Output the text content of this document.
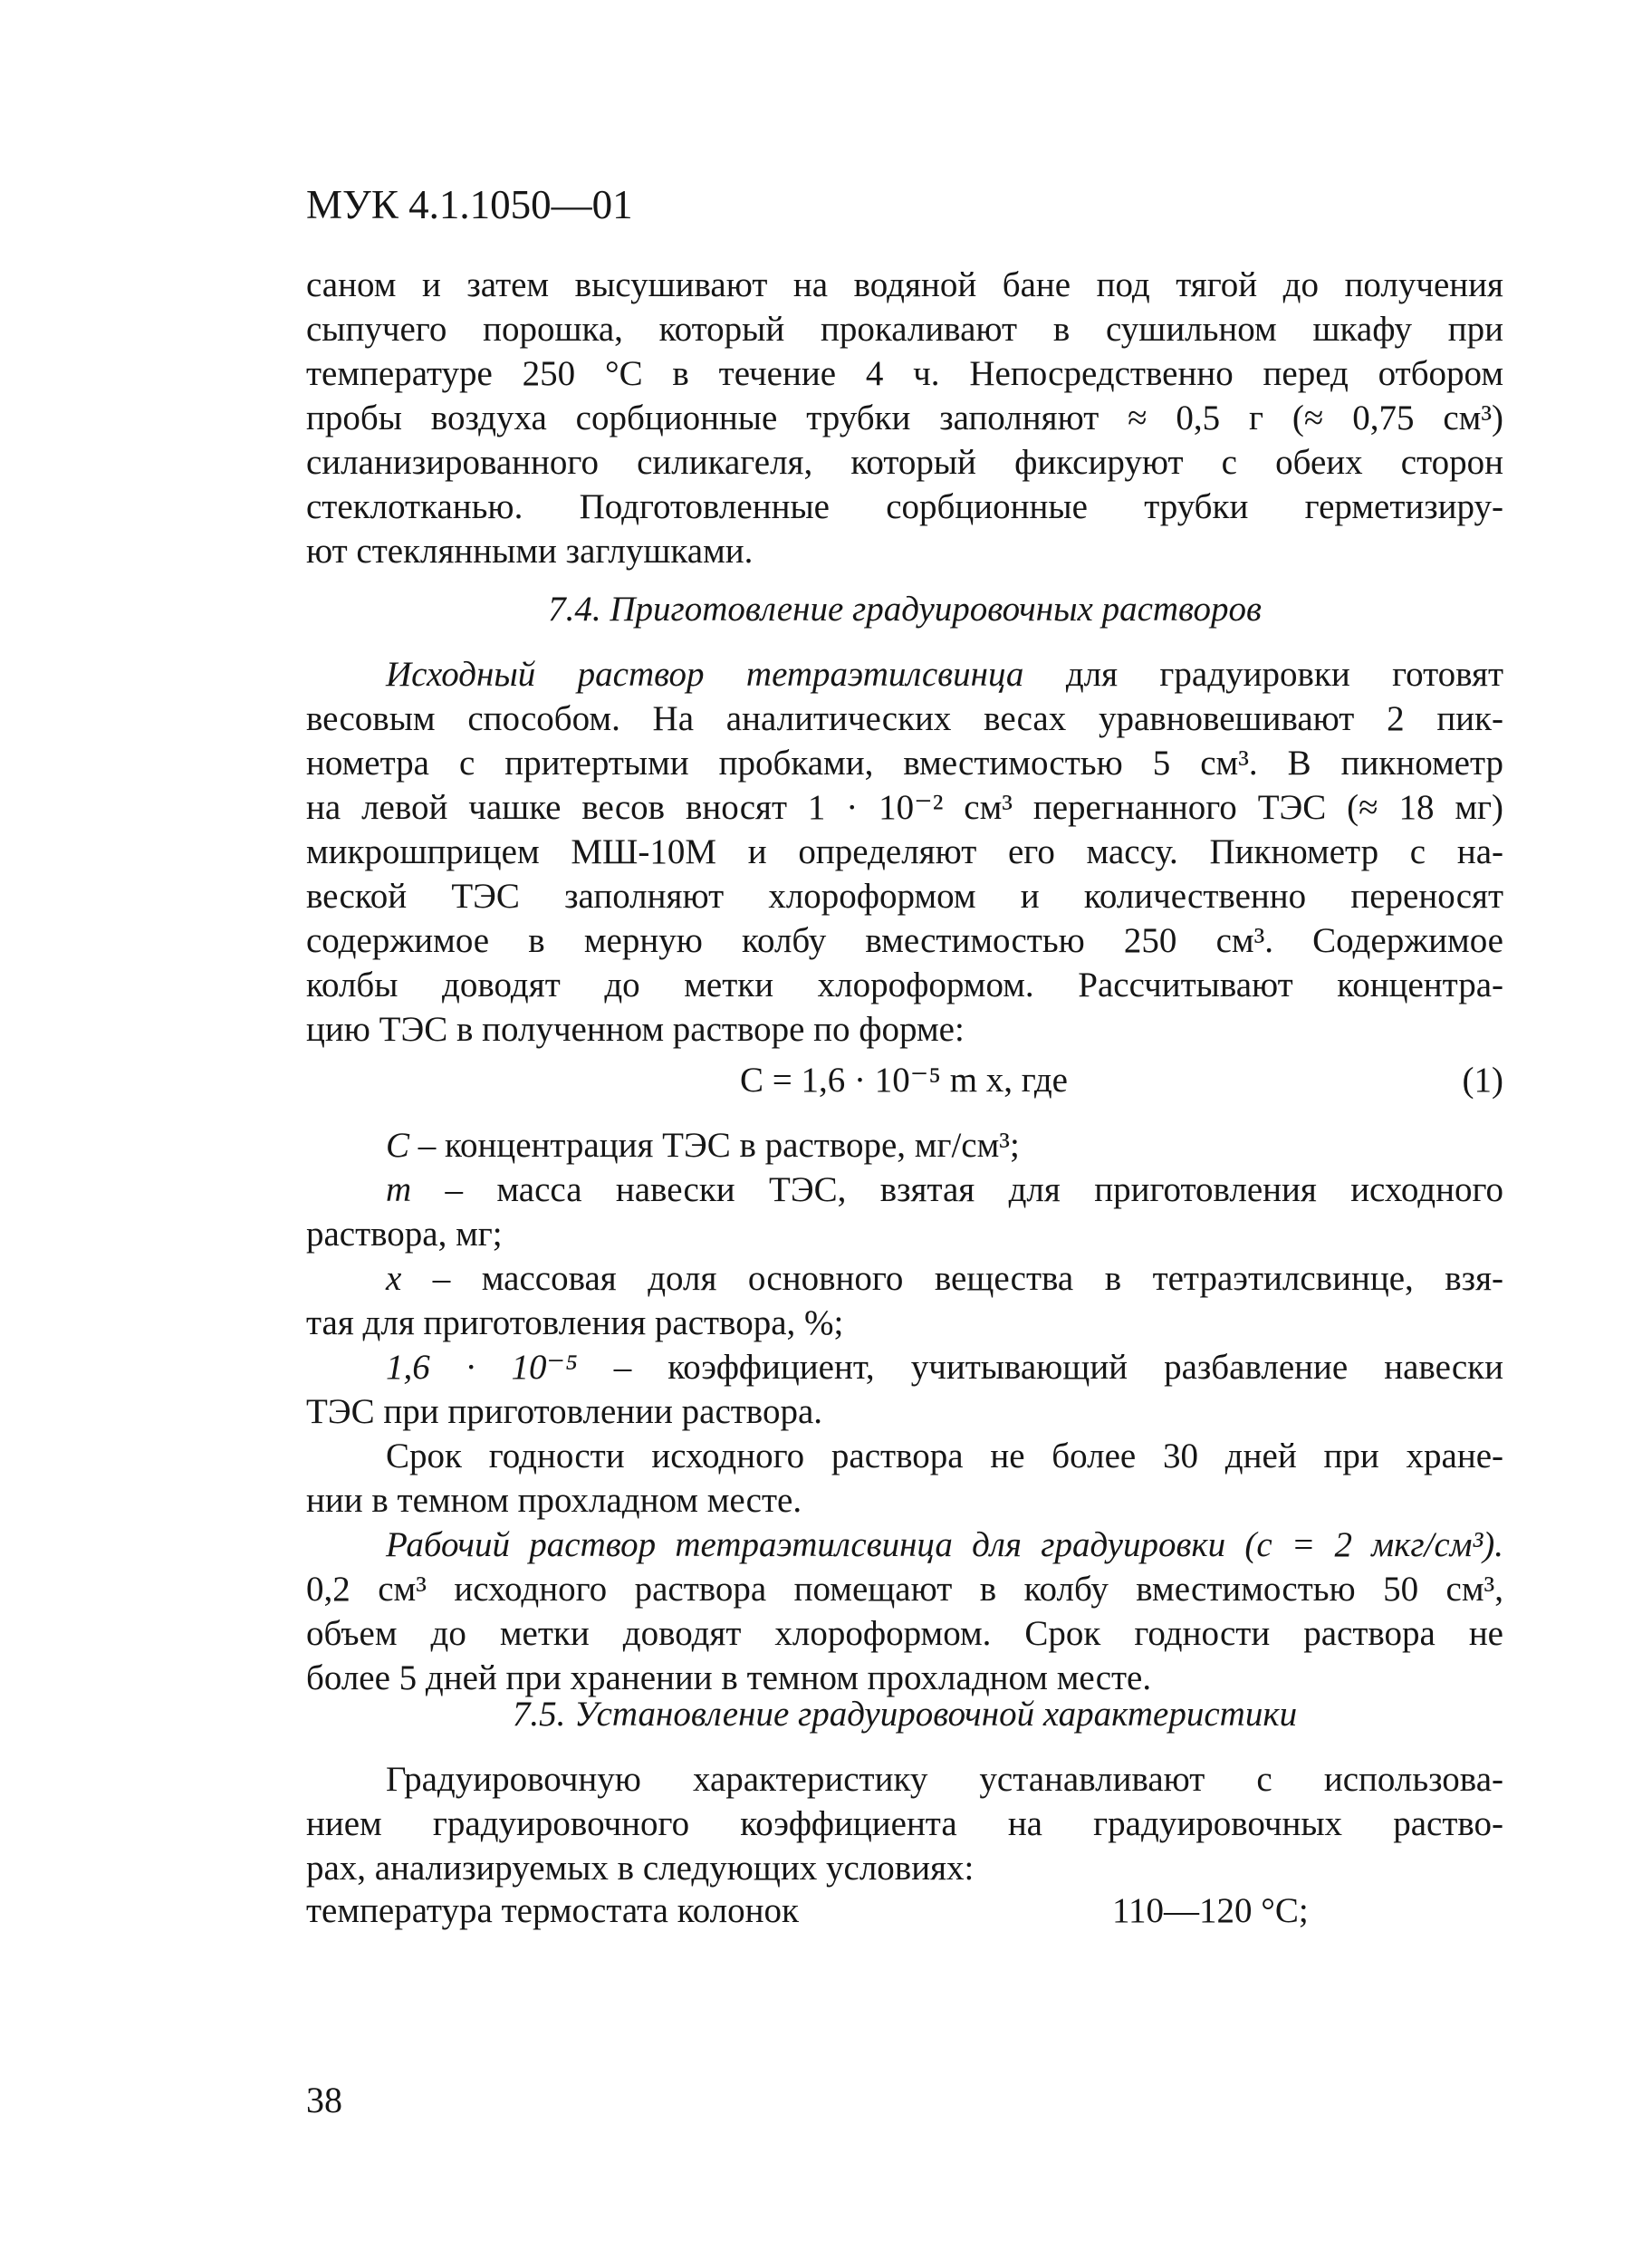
МУК 4.1.1050—01
саном и затем высушивают на водяной бане под тягой до получения
сыпучего порошка, который прокаливают в сушильном шкафу при
температуре 250 °С в течение 4 ч. Непосредственно перед отбором
пробы воздуха сорбционные трубки заполняют ≈ 0,5 г (≈ 0,75 см³)
силанизированного силикагеля, который фиксируют с обеих сторон
стеклотканью. Подготовленные сорбционные трубки герметизиру-
ют стеклянными заглушками.
7.4. Приготовление градуировочных растворов
Исходный раствор тетраэтилсвинца для градуировки готовят
весовым способом. На аналитических весах уравновешивают 2 пик-
нометра с притертыми пробками, вместимостью 5 см³. В пикнометр
на левой чашке весов вносят 1 · 10⁻² см³ перегнанного ТЭС (≈ 18 мг)
микрошприцем МШ-10М и определяют его массу. Пикнометр с на-
веской ТЭС заполняют хлороформом и количественно переносят
содержимое в мерную колбу вместимостью 250 см³. Содержимое
колбы доводят до метки хлороформом. Рассчитывают концентра-
цию ТЭС в полученном растворе по форме:
С = 1,6 · 10⁻⁵ m x, где	(1)
С – концентрация ТЭС в растворе, мг/см³;
m – масса навески ТЭС, взятая для приготовления исходного
раствора, мг;
x – массовая доля основного вещества в тетраэтилсвинце, взя-
тая для приготовления раствора, %;
1,6 · 10⁻⁵ – коэффициент, учитывающий разбавление навески
ТЭС при приготовлении раствора.
Срок годности исходного раствора не более 30 дней при хране-
нии в темном прохладном месте.
Рабочий раствор тетраэтилсвинца для градуировки (с = 2 мкг/см³).
0,2 см³ исходного раствора помещают в колбу вместимостью 50 см³,
объем до метки доводят хлороформом. Срок годности раствора не
более 5 дней при хранении в темном прохладном месте.
7.5. Установление градуировочной характеристики
Градуировочную характеристику устанавливают с использова-
нием градуировочного коэффициента на градуировочных раство-
рах, анализируемых в следующих условиях:
температура термостата колонок	110—120 °С;
38
